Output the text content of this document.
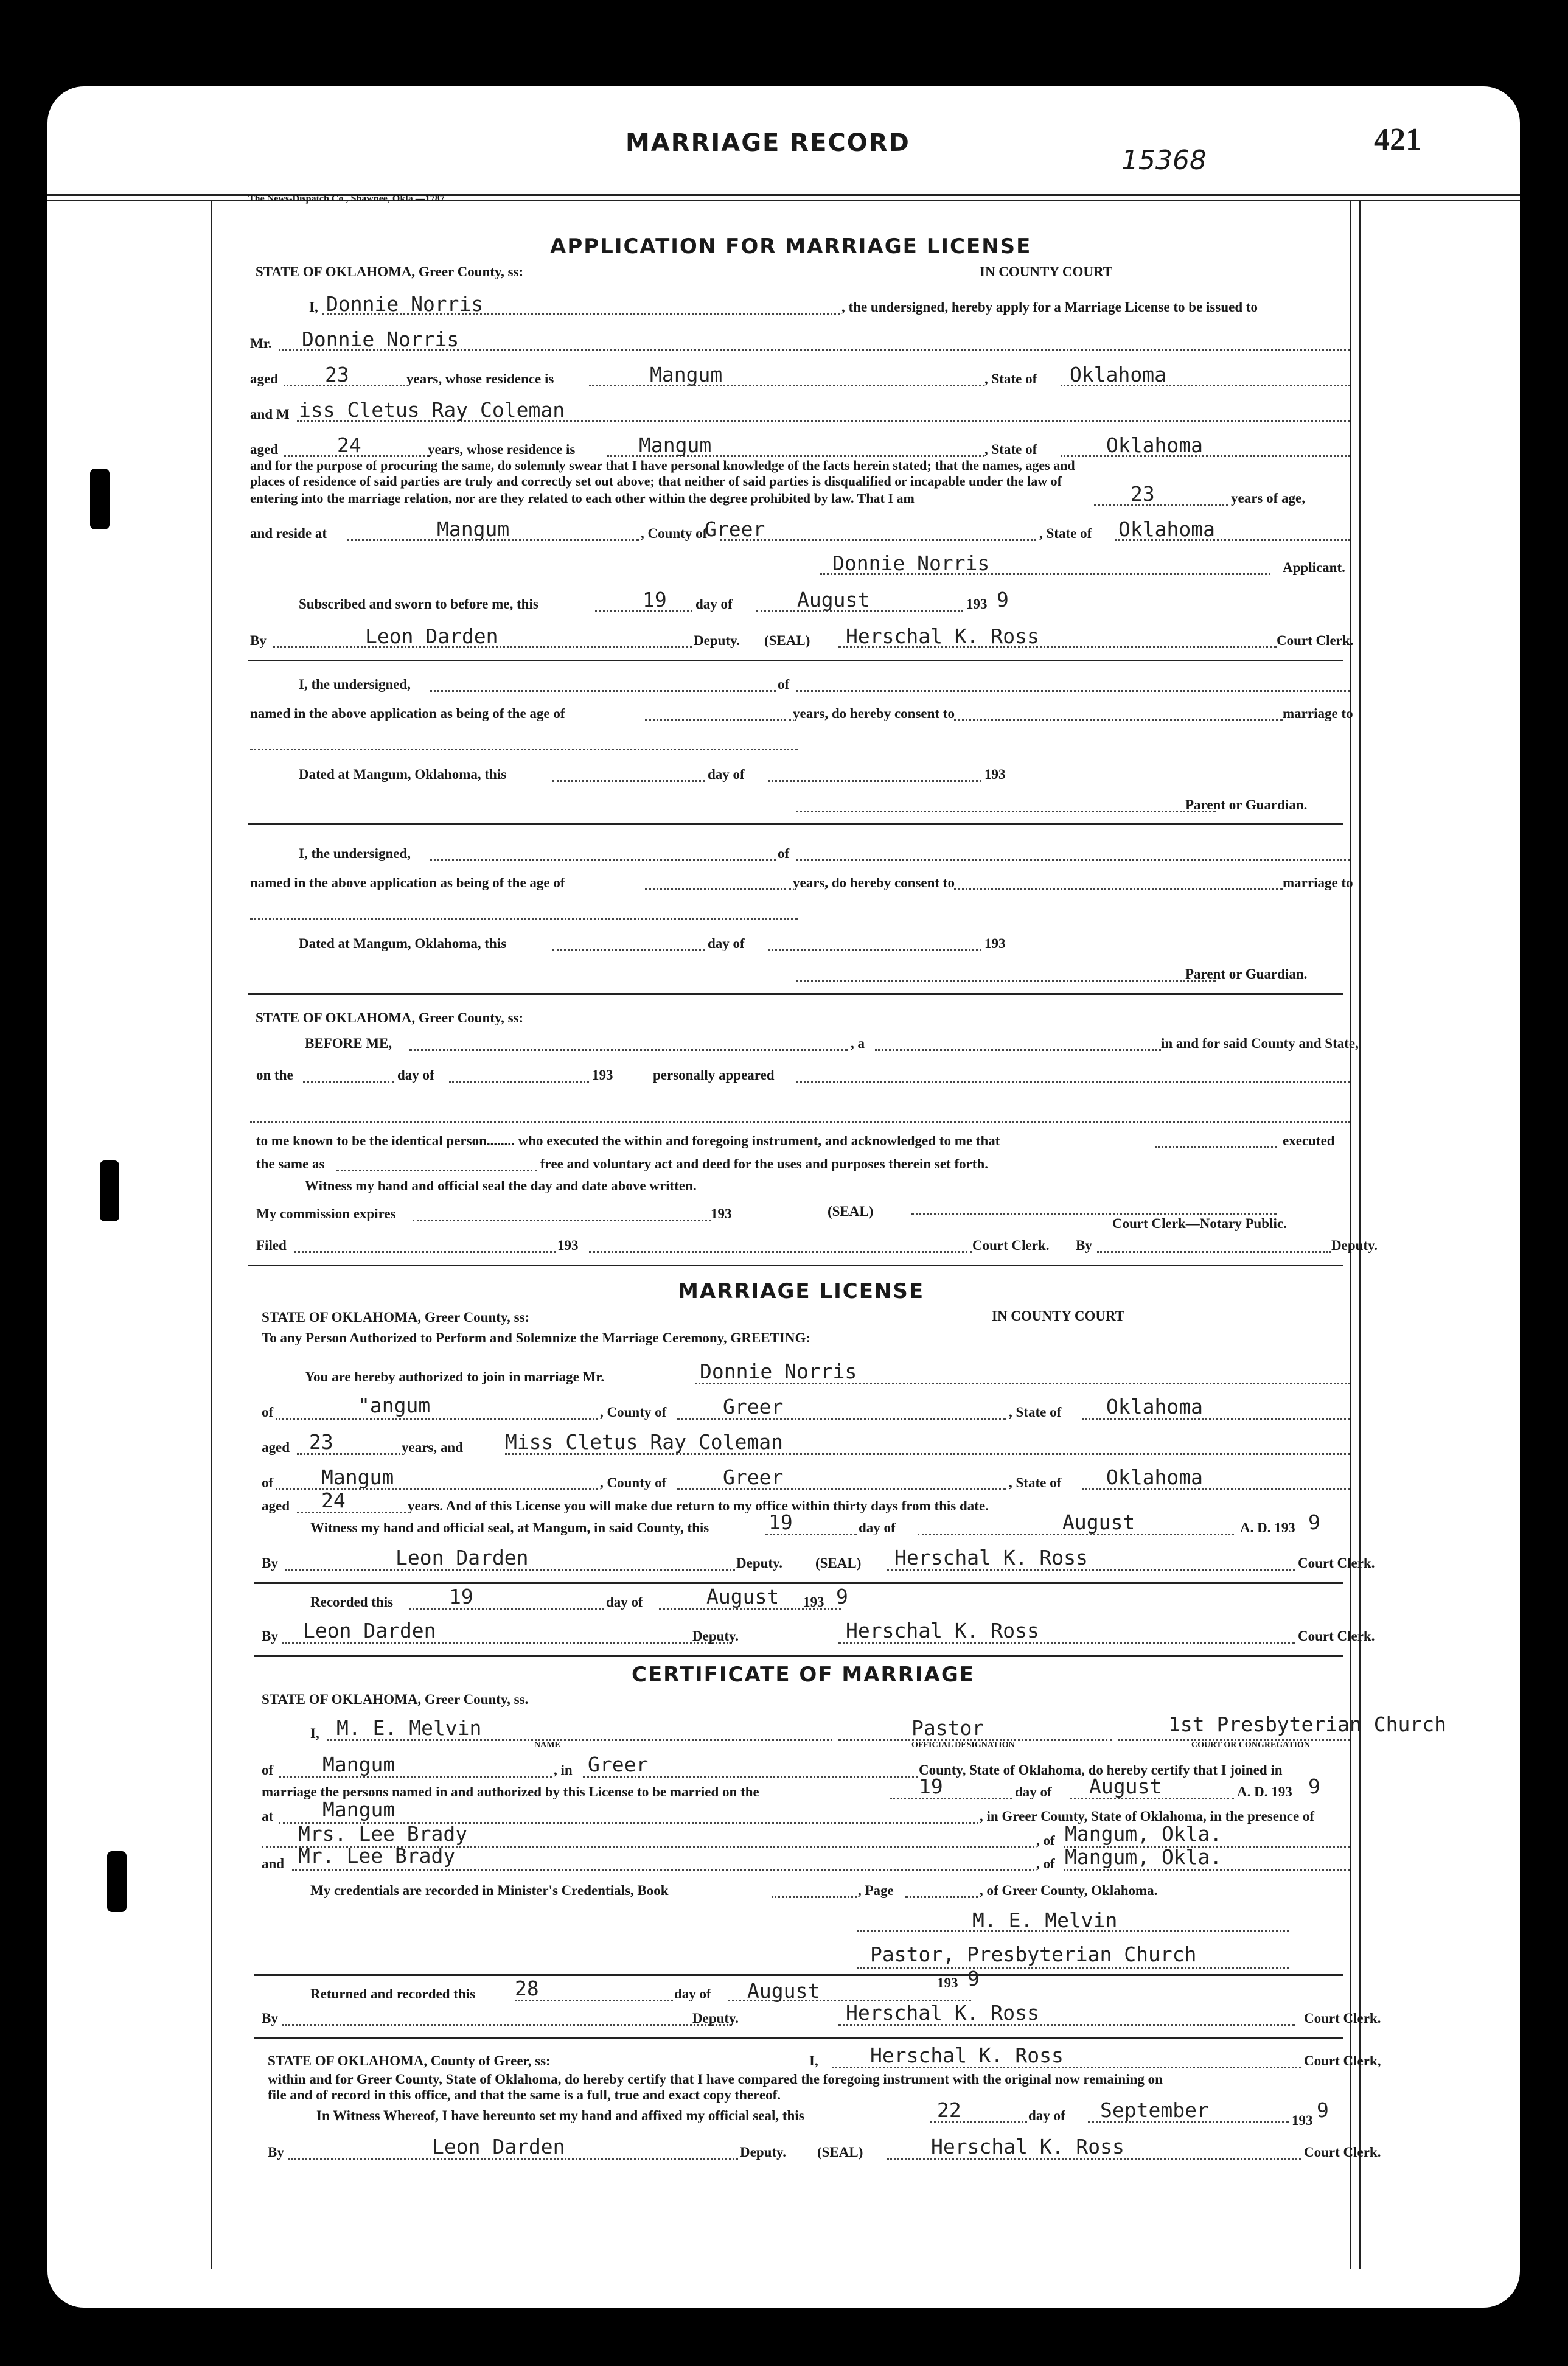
MARRIAGE RECORD	421
15368
The News-Dispatch Co., Shawnee, Okla.—1787
APPLICATION FOR MARRIAGE LICENSE
STATE OF OKLAHOMA, Greer County, ss:	IN COUNTY COURT
I, Donnie Norris	, the undersigned, hereby apply for a Marriage License to be issued to
Mr. Donnie Norris
aged 23	years, whose residence is	Mangum	, State of Oklahoma
and M iss Cletus Ray Coleman
aged	24	years, whose residence is	Mangum	, State of	Oklahoma
and for the purpose of procuring the same, do solemnly swear that I have personal knowledge of the facts herein stated; that the names, ages and
places of residence of said parties are truly and correctly set out above; that neither of said parties is disqualified or incapable under the law of
entering into the marriage relation, nor are they related to each other within the degree prohibited by law. That I am	23	years of age,
and reside at	Mangum	, County of
Greer	, State of Oklahoma
Donnie Norris	Applicant.
Subscribed and sworn to before me, this	19 day of	August	193 9
By	Leon Darden	Deputy. (SEAL) Herschal K. Ross	Court Clerk.
I, the undersigned,	of
named in the above application as being of the age of	years, do hereby consent to	marriage to
Dated at Mangum, Oklahoma, this	day of	193
Parent or Guardian.
I, the undersigned,	of
named in the above application as being of the age of	years, do hereby consent to	marriage to
Dated at Mangum, Oklahoma, this	day of	193
Parent or Guardian.
STATE OF OKLAHOMA, Greer County, ss:
BEFORE ME,	, a	in and for said County and State,
on the	day of	193	personally appeared
to me known to be the identical person........ who executed the within and foregoing instrument, and acknowledged to me that	executed
the same as	free and voluntary act and deed for the uses and purposes therein set forth.
Witness my hand and official seal the day and date above written.
My commission expires	193	(SEAL)
Court Clerk—Notary Public.
Filed	193	Court Clerk. By	Deputy.
MARRIAGE LICENSE
STATE OF OKLAHOMA, Greer County, ss:	IN COUNTY COURT
To any Person Authorized to Perform and Solemnize the Marriage Ceremony, GREETING:
You are hereby authorized to join in marriage Mr.	Donnie Norris
of	"angum	, County of	Greer	, State of Oklahoma
aged 23	years, and Miss Cletus Ray Coleman
of Mangum	, County of	Greer	, State of Oklahoma
aged 24	years. And of this License you will make due return to my office within thirty days from this date.
Witness my hand and official seal, at Mangum, in said County, this	19	day of	August	A. D. 193 9
By	Leon Darden	Deputy. (SEAL) Herschal K. Ross	Court Clerk.
Recorded this	19	day of	August 193 9
By Leon Darden	Deputy.	Herschal K. Ross	Court Clerk.
CERTIFICATE OF MARRIAGE
STATE OF OKLAHOMA, Greer County, ss.
I, M. E. Melvin
NAME
Pastor
OFFICIAL DESIGNATION
1st Presbyterian Church
COURT OR CONGREGATION
of Mangum	, in Greer	County, State of Oklahoma, do hereby certify that I joined in
marriage the persons named in and authorized by this License to be married on the	19	day of August	A. D. 193 9
at Mangum	, in Greer County, State of Oklahoma, in the presence of
Mrs. Lee Brady	, of Mangum, Okla.
and Mr. Lee Brady	, of Mangum, Okla.
My credentials are recorded in Minister's Credentials, Book	, Page	, of Greer County, Oklahoma.
M. E. Melvin
Pastor, Presbyterian Church
Returned and recorded this 28	day of August	193 9
By	Deputy.	Herschal K. Ross	Court Clerk.
STATE OF OKLAHOMA, County of Greer, ss:	I,	Herschal K. Ross	Court Clerk,
within and for Greer County, State of Oklahoma, do hereby certify that I have compared the foregoing instrument with the original now remaining on
file and of record in this office, and that the same is a full, true and exact copy thereof.
In Witness Whereof, I have hereunto set my hand and affixed my official seal, this	22	day of September	193 9
By	Leon Darden	Deputy. (SEAL)	Herschal K. Ross	Court Clerk.
